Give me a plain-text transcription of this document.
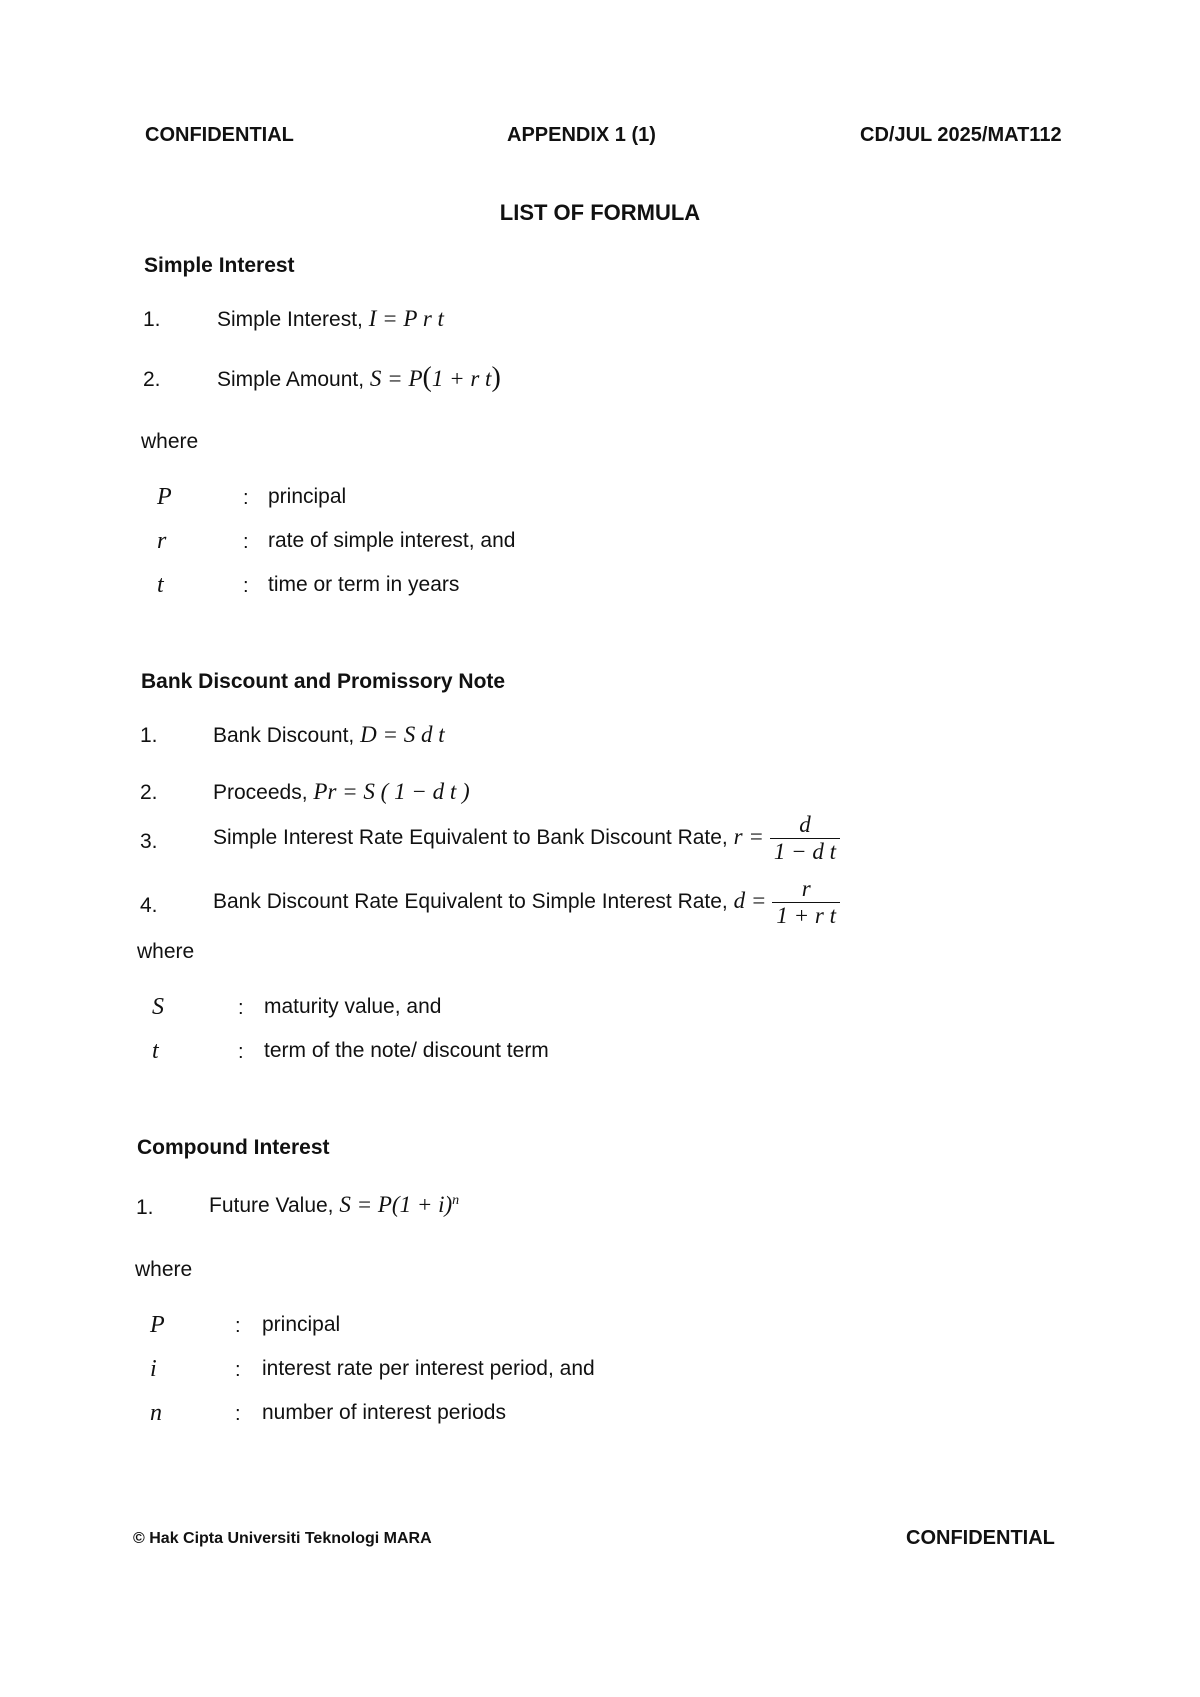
CONFIDENTIAL	APPENDIX 1 (1)	CD/JUL 2025/MAT112
LIST OF FORMULA
Simple Interest
1.	Simple Interest, I = P r t
2.	Simple Amount, S = P(1 + r t)
where
P	: principal
r	: rate of simple interest, and
t	: time or term in years
Bank Discount and Promissory Note
1.	Bank Discount, D = S d t
2.	Proceeds, Pr = S ( 1 − d t )
3.	Simple Interest Rate Equivalent to Bank Discount Rate, $r = \frac{d}{\text{1 − d t}}$
4.	Bank Discount Rate Equivalent to Simple Interest Rate, $d = \frac{r}{\text{1 + r t}}$
where
S	: maturity value, and
t	: term of the note/ discount term
Compound Interest
1.	Future Value, $S = P(1 + i)^n$
where
P	: principal
i	: interest rate per interest period, and
n	: number of interest periods
© Hak Cipta Universiti Teknologi MARA	CONFIDENTIAL
